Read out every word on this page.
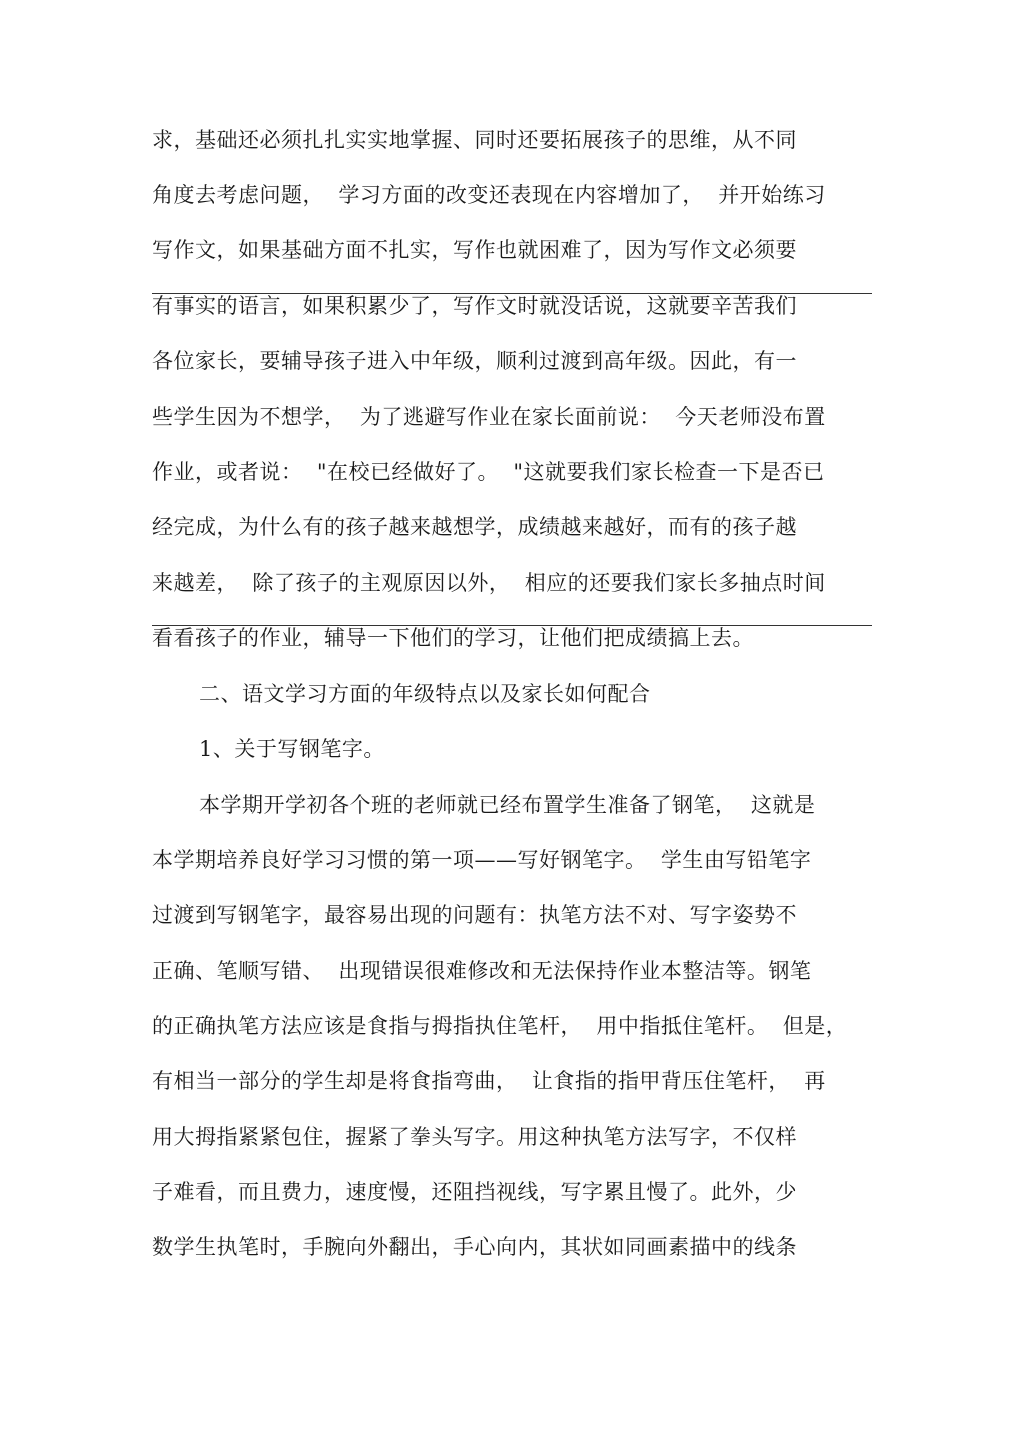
求，基础还必须扎扎实实地掌握、同时还要拓展孩子的思维，从不同
角度去考虑问题，  学习方面的改变还表现在内容增加了，  并开始练习
写作文，如果基础方面不扎实，写作也就困难了，因为写作文必须要
有事实的语言，如果积累少了，写作文时就没话说，这就要辛苦我们
各位家长，要辅导孩子进入中年级，顺利过渡到高年级。因此，有一
些学生因为不想学，  为了逃避写作业在家长面前说：  今天老师没布置
作业，或者说：  "在校已经做好了。  "这就要我们家长检查一下是否已
经完成，为什么有的孩子越来越想学，成绩越来越好，而有的孩子越
来越差，  除了孩子的主观原因以外，  相应的还要我们家长多抽点时间
看看孩子的作业，辅导一下他们的学习，让他们把成绩搞上去。
二、语文学习方面的年级特点以及家长如何配合
1、关于写钢笔字。
本学期开学初各个班的老师就已经布置学生准备了钢笔，  这就是
本学期培养良好学习习惯的第一项——写好钢笔字。  学生由写铅笔字
过渡到写钢笔字，最容易出现的问题有：执笔方法不对、写字姿势不
正确、笔顺写错、  出现错误很难修改和无法保持作业本整洁等。钢笔
的正确执笔方法应该是食指与拇指执住笔杆，  用中指抵住笔杆。  但是，
有相当一部分的学生却是将食指弯曲，  让食指的指甲背压住笔杆，  再
用大拇指紧紧包住，握紧了拳头写字。用这种执笔方法写字，不仅样
子难看，而且费力，速度慢，还阻挡视线，写字累且慢了。此外，少
数学生执笔时，手腕向外翻出，手心向内，其状如同画素描中的线条
